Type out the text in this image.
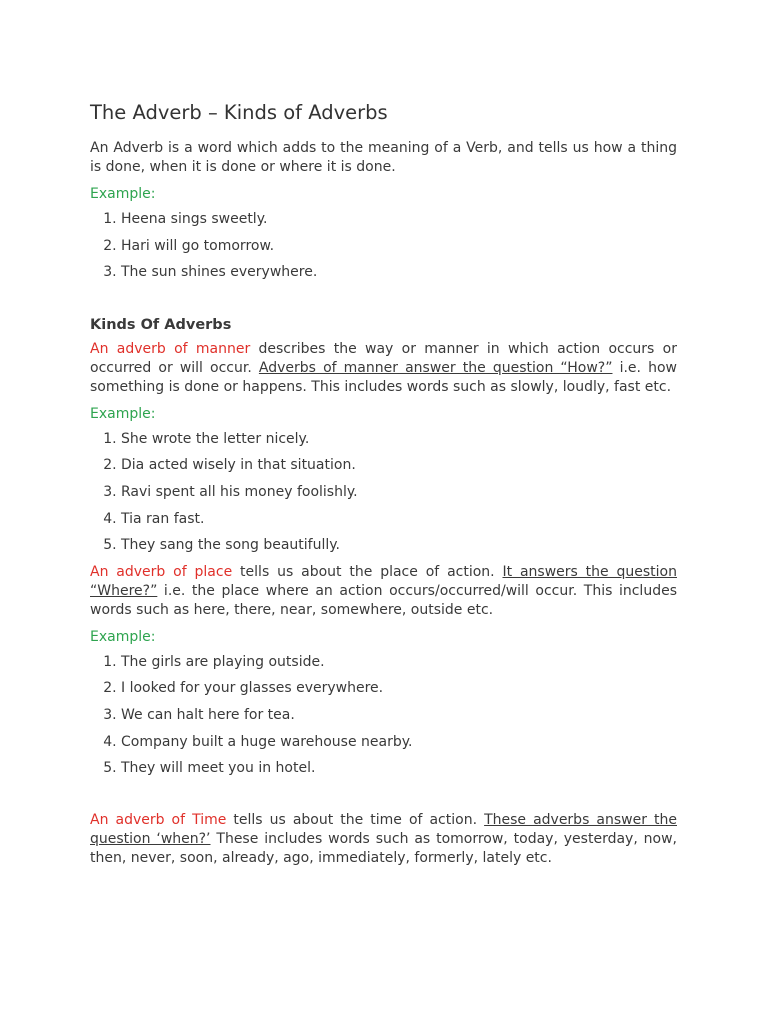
The Adverb – Kinds of Adverbs

An Adverb is a word which adds to the meaning of a Verb, and tells us how a thing is done, when it is done or where it is done.

Example:
1. Heena sings sweetly.
2. Hari will go tomorrow.
3. The sun shines everywhere.
Kinds Of Adverbs

An adverb of manner describes the way or manner in which action occurs or occurred or will occur. Adverbs of manner answer the question “How?” i.e. how something is done or happens. This includes words such as slowly, loudly, fast etc.

Example:
1. She wrote the letter nicely.
2. Dia acted wisely in that situation.
3. Ravi spent all his money foolishly.
4. Tia ran fast.
5. They sang the song beautifully.

An adverb of place tells us about the place of action. It answers the question “Where?” i.e. the place where an action occurs/occurred/will occur. This includes words such as here, there, near, somewhere, outside etc.

Example:
1. The girls are playing outside.
2. I looked for your glasses everywhere.
3. We can halt here for tea.
4. Company built a huge warehouse nearby.
5. They will meet you in hotel.

An adverb of Time tells us about the time of action. These adverbs answer the question ‘when?’ These includes words such as tomorrow, today, yesterday, now, then, never, soon, already, ago, immediately, formerly, lately etc.
